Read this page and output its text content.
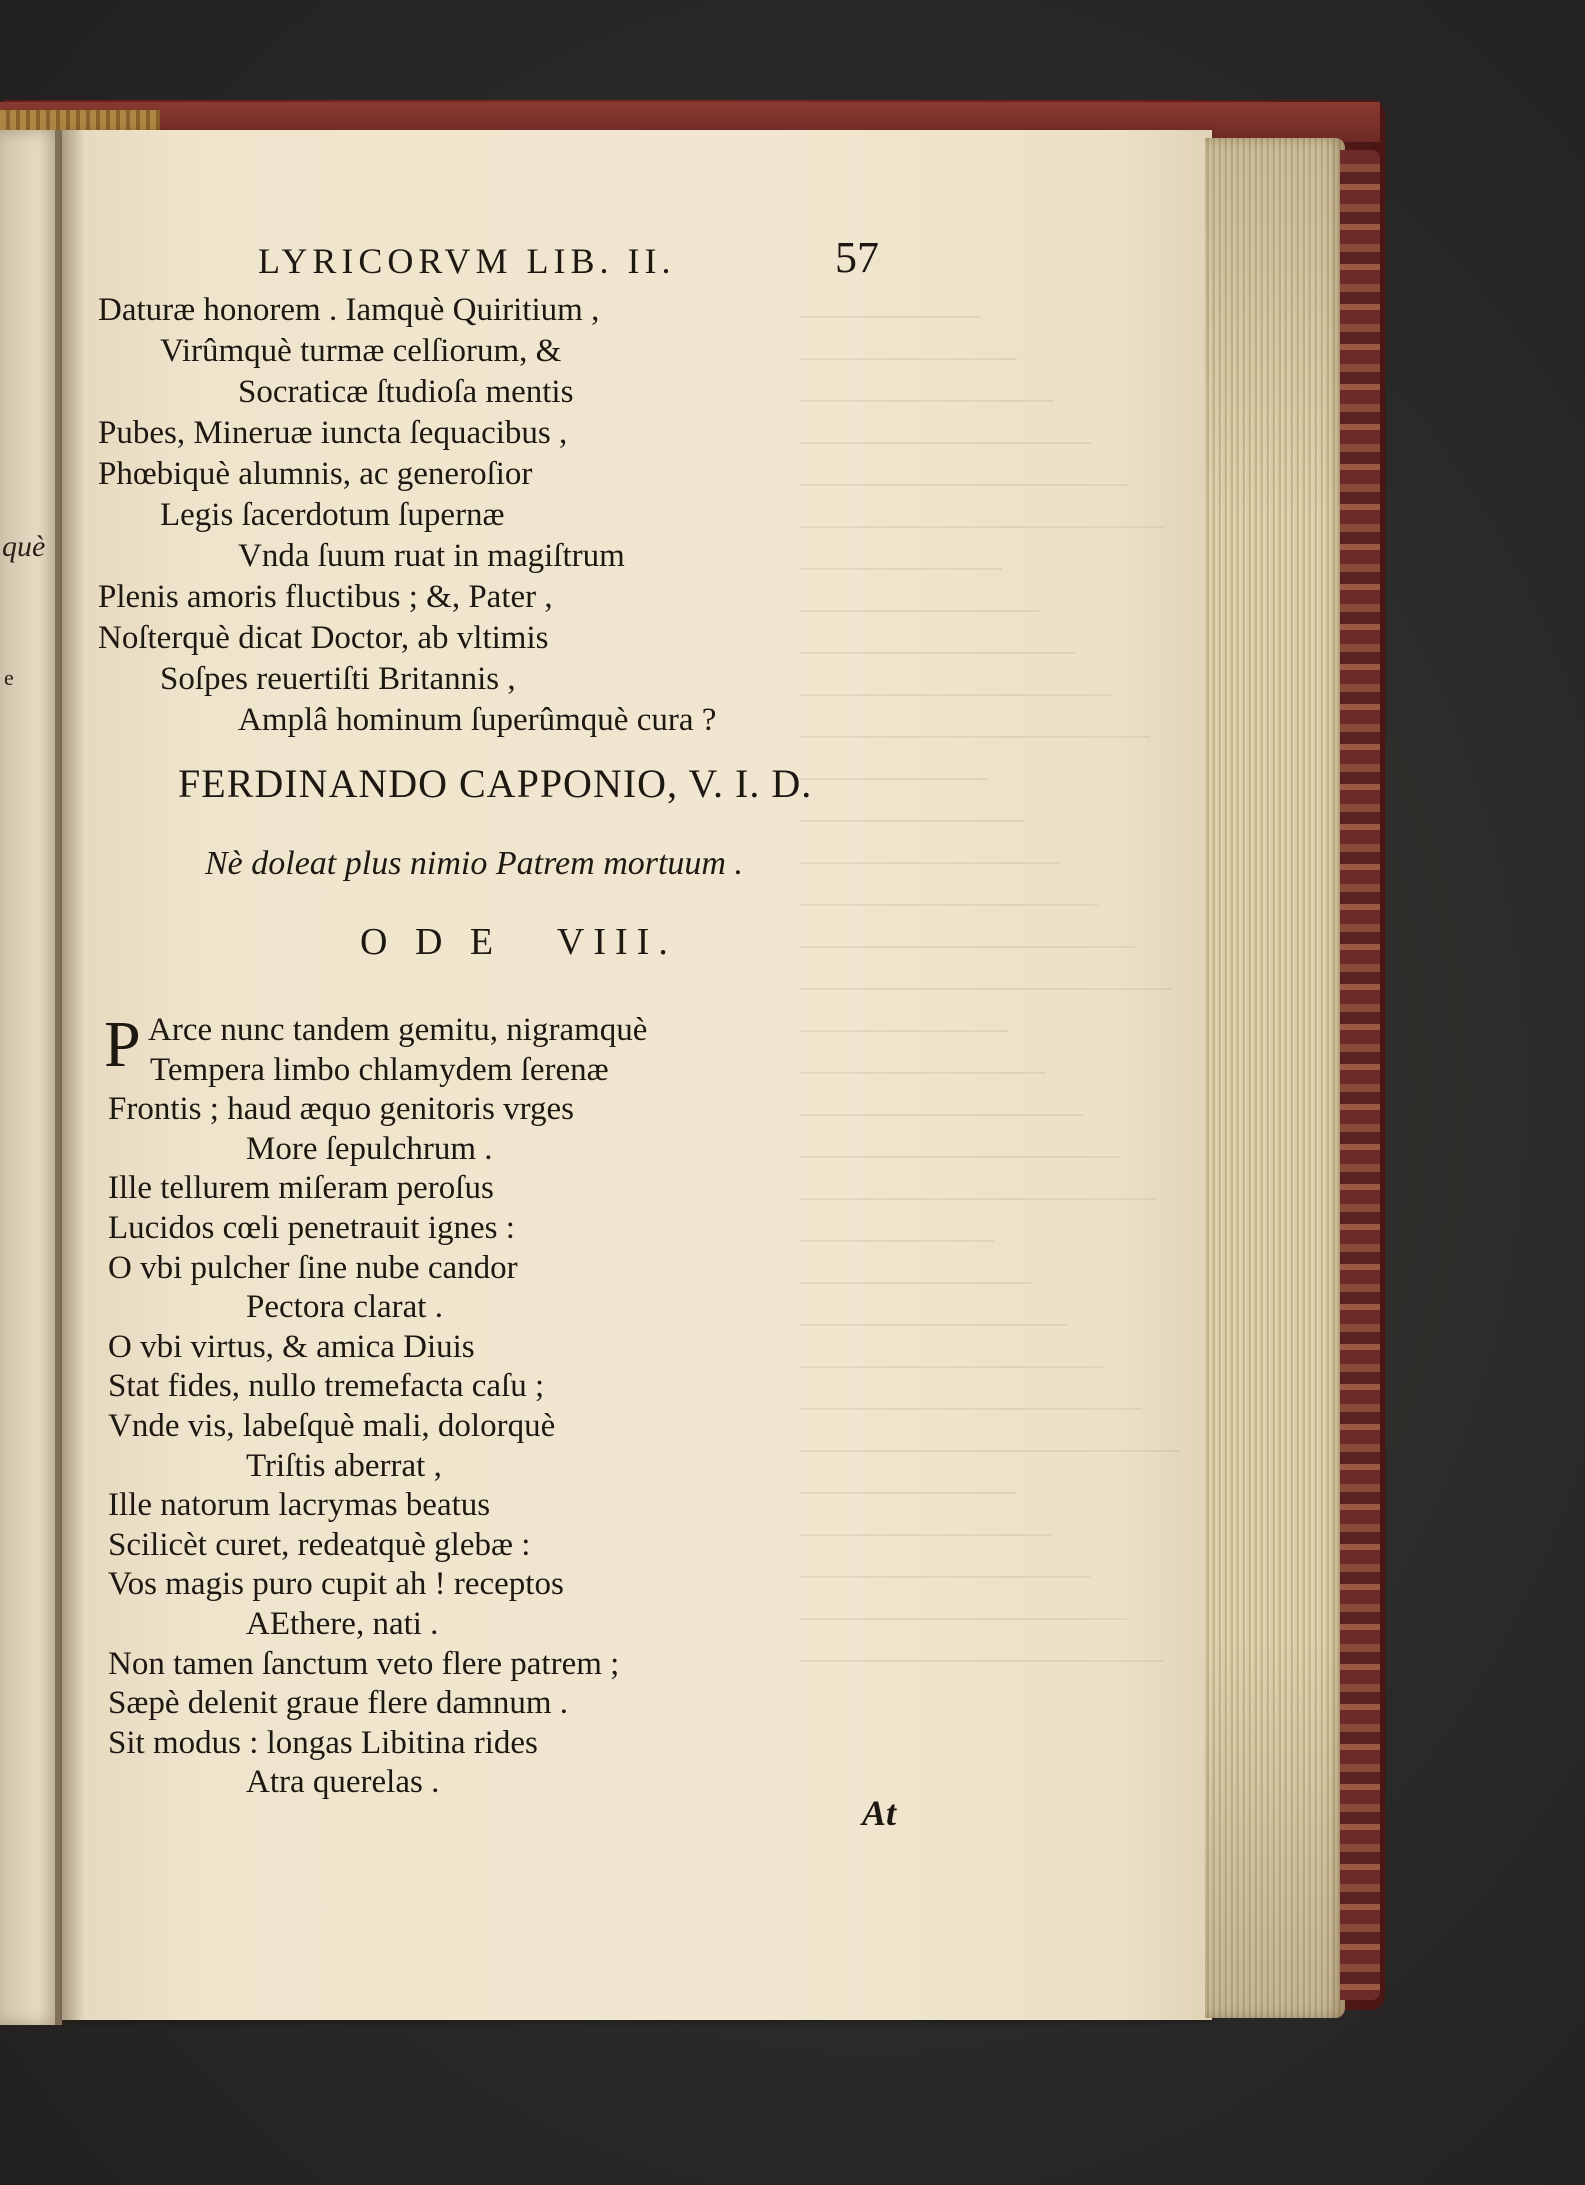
què
e
LYRICORVM LIB. II.	57
Daturæ honorem . Iamquè Quiritium ,
Virûmquè turmæ celſiorum, &
Socraticæ ſtudioſa mentis
Pubes, Mineruæ iuncta ſequacibus ,
Phœbiquè alumnis, ac generoſior
Legis ſacerdotum ſupernæ
Vnda ſuum ruat in magiſtrum
Plenis amoris fluctibus ; &, Pater ,
Noſterquè dicat Doctor, ab vltimis
Soſpes reuertiſti Britannis ,
Amplâ hominum ſuperûmquè cura ?
FERDINANDO CAPPONIO, V. I. D.
Nè doleat plus nimio Patrem mortuum .
O D E   VIII.
P Arce nunc tandem gemitu, nigramquè
Tempera limbo chlamydem ſerenæ
Frontis ; haud æquo genitoris vrges
More ſepulchrum .
Ille tellurem miſeram peroſus
Lucidos cœli penetrauit ignes :
O vbi pulcher ſine nube candor
Pectora clarat .
O vbi virtus, & amica Diuis
Stat fides, nullo tremefacta caſu ;
Vnde vis, labeſquè mali, dolorquè
Triſtis aberrat ,
Ille natorum lacrymas beatus
Scilicèt curet, redeatquè glebæ :
Vos magis puro cupit ah ! receptos
AEthere, nati .
Non tamen ſanctum veto flere patrem ;
Sæpè delenit graue flere damnum .
Sit modus : longas Libitina rides
Atra querelas .
At
